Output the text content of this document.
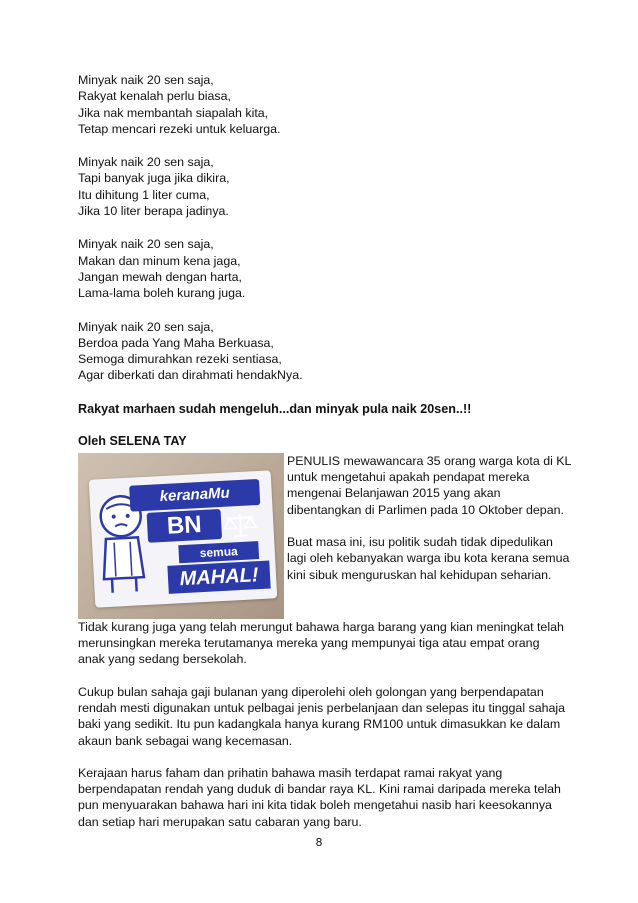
Minyak naik 20 sen saja,
Rakyat kenalah perlu biasa,
Jika nak membantah siapalah kita,
Tetap mencari rezeki untuk keluarga.
Minyak naik 20 sen saja,
Tapi banyak juga jika dikira,
Itu dihitung 1 liter cuma,
Jika 10 liter berapa jadinya.
Minyak naik 20 sen saja,
Makan dan minum kena jaga,
Jangan mewah dengan harta,
Lama-lama boleh kurang juga.
Minyak naik 20 sen saja,
Berdoa pada Yang Maha Berkuasa,
Semoga dimurahkan rezeki sentiasa,
Agar diberkati dan dirahmati hendakNya.
Rakyat marhaen sudah mengeluh...dan minyak pula naik 20sen..!!
Oleh SELENA TAY
keranaMu
BN
semua
MAHAL!

PENULIS mewawancara 35 orang warga kota di KL untuk mengetahui apakah pendapat mereka mengenai Belanjawan 2015 yang akan dibentangkan di Parlimen pada 10 Oktober depan.

Buat masa ini, isu politik sudah tidak dipedulikan lagi oleh kebanyakan warga ibu kota kerana semua kini sibuk menguruskan hal kehidupan seharian.

Tidak kurang juga yang telah merungut bahawa harga barang yang kian meningkat telah merunsingkan mereka terutamanya mereka yang mempunyai tiga atau empat orang anak yang sedang bersekolah.

Cukup bulan sahaja gaji bulanan yang diperolehi oleh golongan yang berpendapatan rendah mesti digunakan untuk pelbagai jenis perbelanjaan dan selepas itu tinggal sahaja baki yang sedikit. Itu pun kadangkala hanya kurang RM100 untuk dimasukkan ke dalam akaun bank sebagai wang kecemasan.

Kerajaan harus faham dan prihatin bahawa masih terdapat ramai rakyat yang berpendapatan rendah yang duduk di bandar raya KL. Kini ramai daripada mereka telah pun menyuarakan bahawa hari ini kita tidak boleh mengetahui nasib hari keesokannya dan setiap hari merupakan satu cabaran yang baru.

8
